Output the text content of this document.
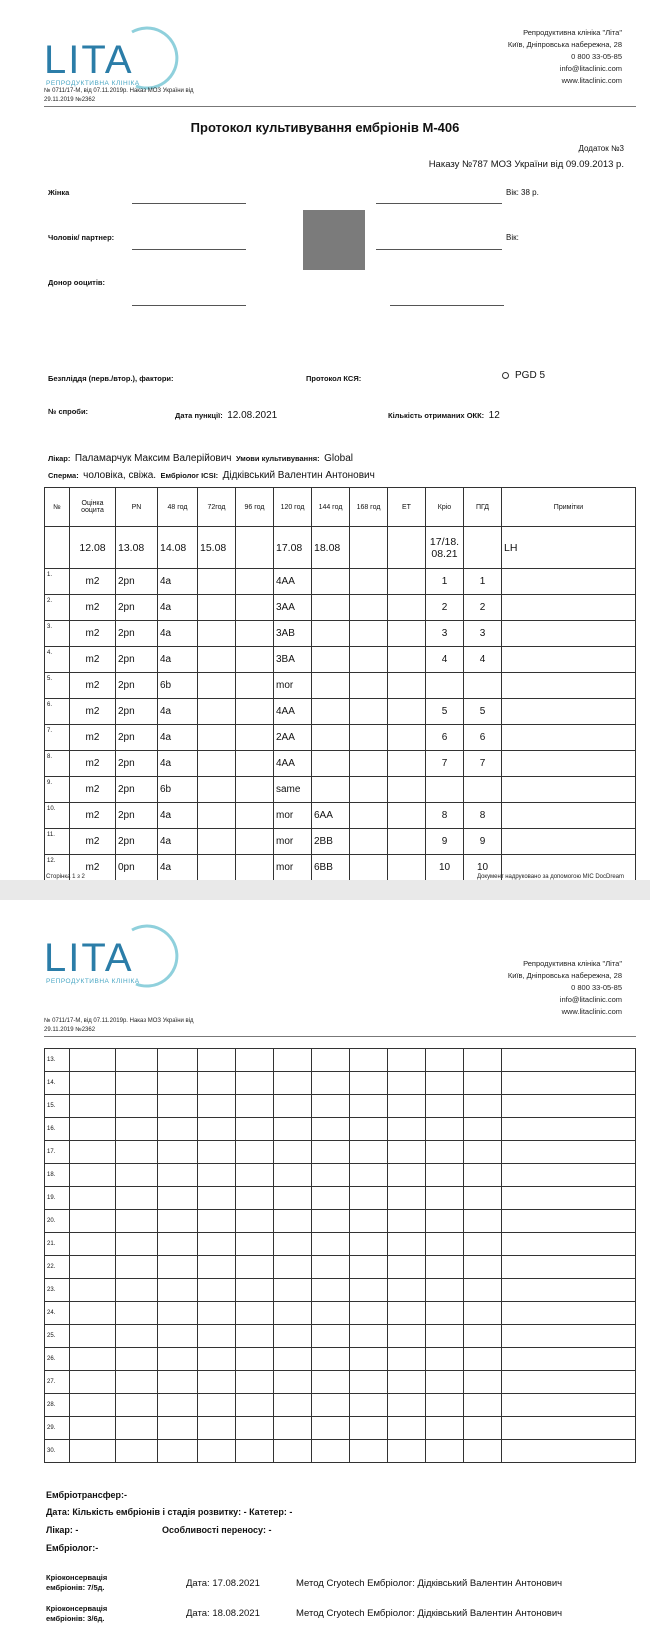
LITA
РЕПРОДУКТИВНА КЛІНІКА
№ 0711/17-М, від 07.11.2019р. Наказ МОЗ України від
29.11.2019 №2362
Репродуктивна клініка "Літа"
Київ, Дніпровська набережна, 28
0 800 33-05-85
info@litaclinic.com
www.litaclinic.com
Протокол культивування ембріонів М-406
Додаток №3
Наказу №787 МОЗ України від 09.09.2013 р.
Жінка	Вік: 38 р.
Чоловік/ партнер:	Вік:
Донор ооцитів:
Безпліддя (перв./втор.), фактори:	Протокол КСЯ:	PGD 5
№ спроби:	Дата пункції: 12.08.2021	Кількість отриманих ОКК: 12
Лікар: Паламарчук Максим Валерійович Умови культивування: Global
Сперма: чоловіка, свіжа. Ембріолог ICSI: Дідківський Валентин Антонович
№	Оцінка ооцита	PN	48 год	72год	96 год	120 год	144 год	168 год	ET	Кріо	ПГД	Примітки
	12.08	13.08	14.08	15.08		17.08	18.08			17/18. 08.21		LH
1.	m2	2pn	4a			4AA				1	1	
2.	m2	2pn	4a			3AA				2	2	
3.	m2	2pn	4a			3AB				3	3	
4.	m2	2pn	4a			3BA				4	4	
5.	m2	2pn	6b			mor						
6.	m2	2pn	4a			4AA				5	5	
7.	m2	2pn	4a			2AA				6	6	
8.	m2	2pn	4a			4AA				7	7	
9.	m2	2pn	6b			same						
10.	m2	2pn	4a			mor	6AA			8	8	
11.	m2	2pn	4a			mor	2BB			9	9	
12.	m2	0pn	4a			mor	6BB			10	10	
Сторінка 1 з 2	Документ надруковано за допомогою MIC DocDream
LITA
РЕПРОДУКТИВНА КЛІНІКА
№ 0711/17-М, від 07.11.2019р. Наказ МОЗ України від
29.11.2019 №2362
Репродуктивна клініка "Літа"
Київ, Дніпровська набережна, 28
0 800 33-05-85
info@litaclinic.com
www.litaclinic.com
13.												
14.												
15.												
16.												
17.												
18.												
19.												
20.												
21.												
22.												
23.												
24.												
25.												
26.												
27.												
28.												
29.												
30.												
Ембріотрансфер:-
Дата: Кількість ембріонів і стадія розвитку: - Катетер: -
Лікар: -	Особливості переносу: -
Ембріолог:-
Кріоконсервація
ембріонів: 7/5д.	Дата: 17.08.2021	Метод Cryotech Ембріолог: Дідківський Валентин Антонович
Кріоконсервація
ембріонів: 3/6д.	Дата: 18.08.2021	Метод Cryotech Ембріолог: Дідківський Валентин Антонович
